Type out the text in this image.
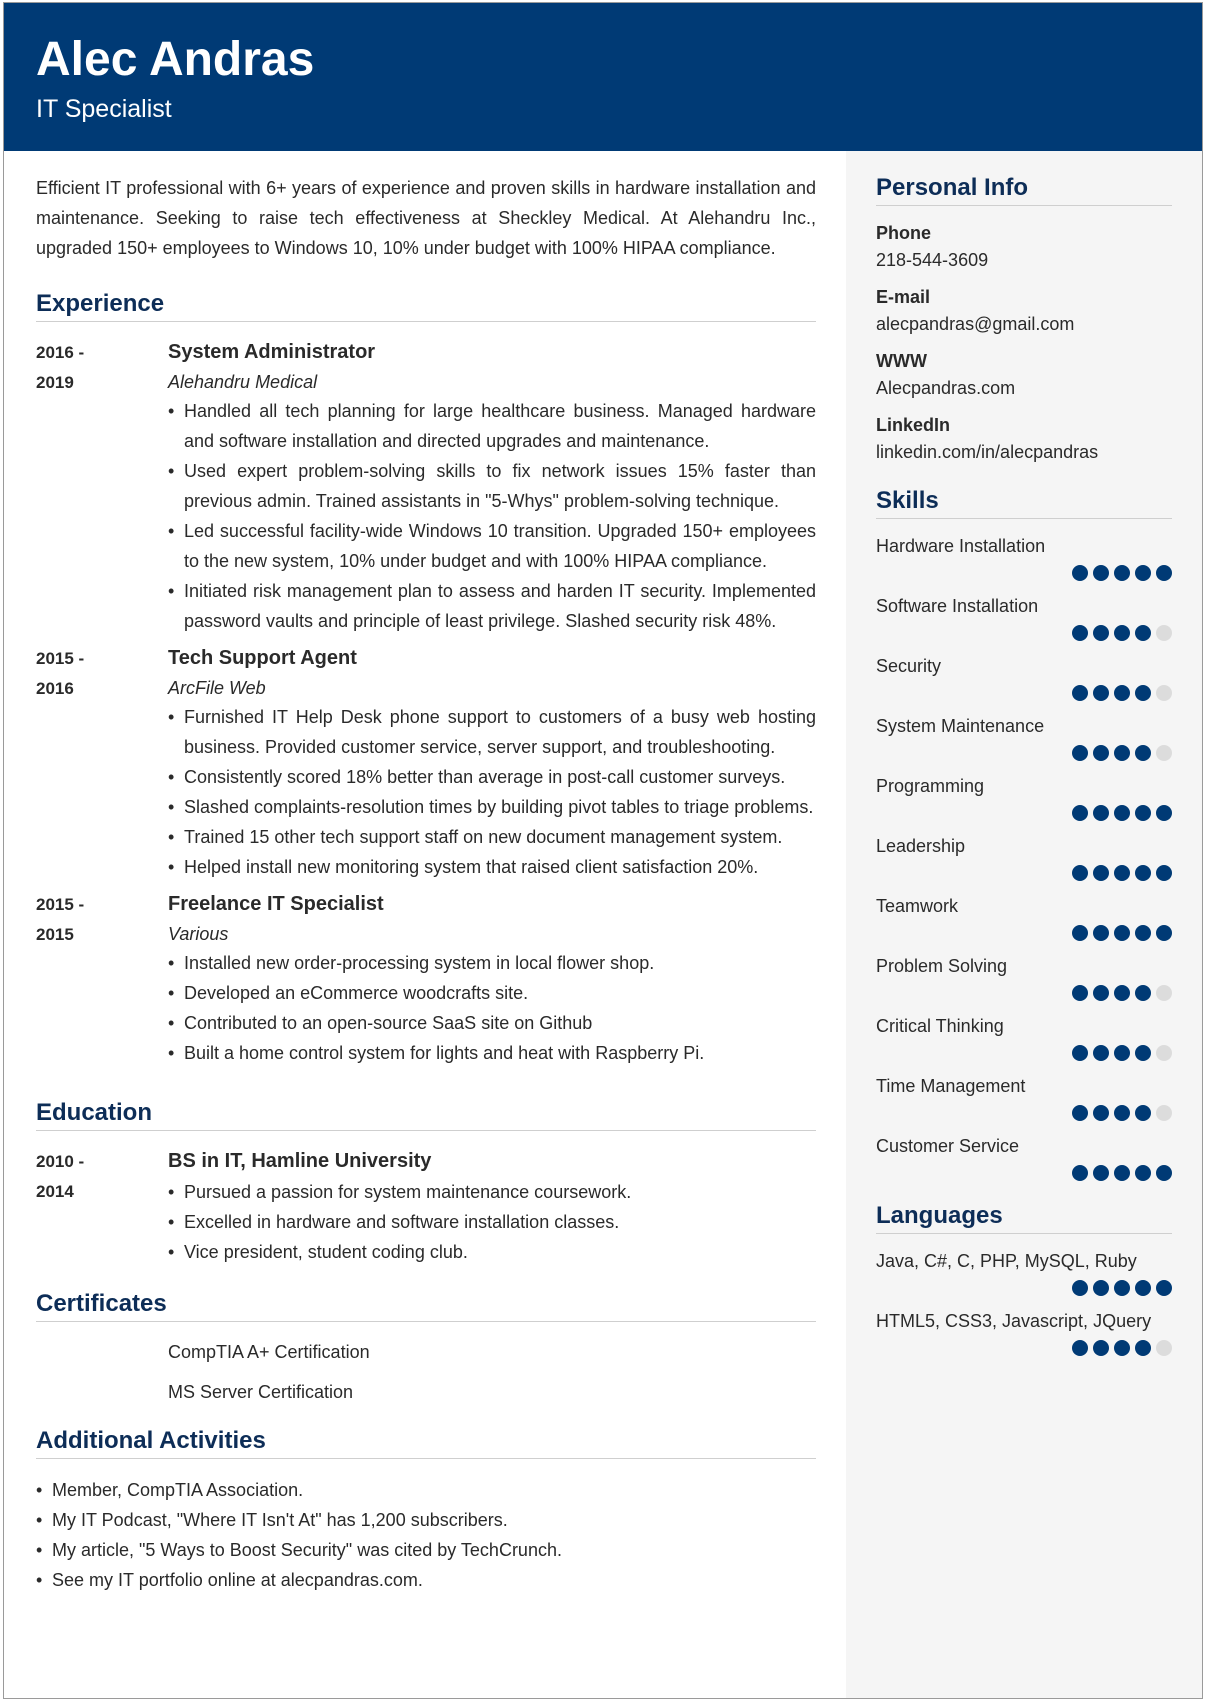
Alec Andras
IT Specialist

Efficient IT professional with 6+ years of experience and proven skills in hardware installation and maintenance. Seeking to raise tech effectiveness at Sheckley Medical. At Alehandru Inc., upgraded 150+ employees to Windows 10, 10% under budget with 100% HIPAA compliance.

Experience
2016 -
2019
System Administrator
Alehandru Medical
• Handled all tech planning for large healthcare business. Managed hardware and software installation and directed upgrades and maintenance.
• Used expert problem-solving skills to fix network issues 15% faster than previous admin. Trained assistants in "5-Whys" problem-solving technique.
• Led successful facility-wide Windows 10 transition. Upgraded 150+ employees to the new system, 10% under budget and with 100% HIPAA compliance.
• Initiated risk management plan to assess and harden IT security. Implemented password vaults and principle of least privilege. Slashed security risk 48%.
2015 -
2016
Tech Support Agent
ArcFile Web
• Furnished IT Help Desk phone support to customers of a busy web hosting business. Provided customer service, server support, and troubleshooting.
• Consistently scored 18% better than average in post-call customer surveys.
• Slashed complaints-resolution times by building pivot tables to triage problems.
• Trained 15 other tech support staff on new document management system.
• Helped install new monitoring system that raised client satisfaction 20%.
2015 -
2015
Freelance IT Specialist
Various
• Installed new order-processing system in local flower shop.
• Developed an eCommerce woodcrafts site.
• Contributed to an open-source SaaS site on Github
• Built a home control system for lights and heat with Raspberry Pi.
Education
2010 -
2014
BS in IT, Hamline University
• Pursued a passion for system maintenance coursework.
• Excelled in hardware and software installation classes.
• Vice president, student coding club.
Certificates
CompTIA A+ Certification
MS Server Certification
Additional Activities
• Member, CompTIA Association.
• My IT Podcast, "Where IT Isn't At" has 1,200 subscribers.
• My article, "5 Ways to Boost Security" was cited by TechCrunch.
• See my IT portfolio online at alecpandras.com.
Personal Info
Phone
218-544-3609
E-mail
alecpandras@gmail.com
WWW
Alecpandras.com
LinkedIn
linkedin.com/in/alecpandras
Skills
Hardware Installation
Software Installation
Security
System Maintenance
Programming
Leadership
Teamwork
Problem Solving
Critical Thinking
Time Management
Customer Service
Languages
Java, C#, C, PHP, MySQL, Ruby
HTML5, CSS3, Javascript, JQuery
